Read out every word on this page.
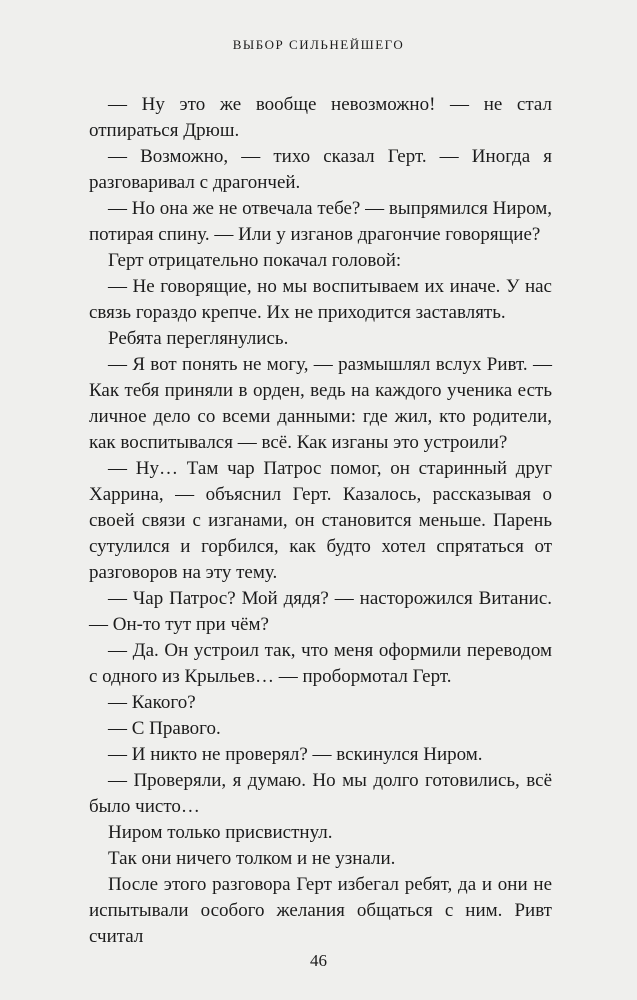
ВЫБОР СИЛЬНЕЙШЕГО

— Ну это же вообще невозможно! — не стал отпираться Дрюш.

— Возможно, — тихо сказал Герт. — Иногда я разговаривал с драгончей.

— Но она же не отвечала тебе? — выпрямился Ниром, потирая спину. — Или у изганов драгончие говорящие?

Герт отрицательно покачал головой:

— Не говорящие, но мы воспитываем их иначе. У нас связь гораздо крепче. Их не приходится заставлять.

Ребята переглянулись.

— Я вот понять не могу, — размышлял вслух Ривт. — Как тебя приняли в орден, ведь на каждого ученика есть личное дело со всеми данными: где жил, кто родители, как воспитывался — всё. Как изганы это устроили?

— Ну… Там чар Патрос помог, он старинный друг Харрина, — объяснил Герт. Казалось, рассказывая о своей связи с изганами, он становится меньше. Парень сутулился и горбился, как будто хотел спрятаться от разговоров на эту тему.

— Чар Патрос? Мой дядя? — насторожился Витанис. — Он-то тут при чём?

— Да. Он устроил так, что меня оформили переводом с одного из Крыльев… — пробормотал Герт.

— Какого?

— С Правого.

— И никто не проверял? — вскинулся Ниром.

— Проверяли, я думаю. Но мы долго готовились, всё было чисто…

Ниром только присвистнул.

Так они ничего толком и не узнали.

После этого разговора Герт избегал ребят, да и они не испытывали особого желания общаться с ним. Ривт считал

46
